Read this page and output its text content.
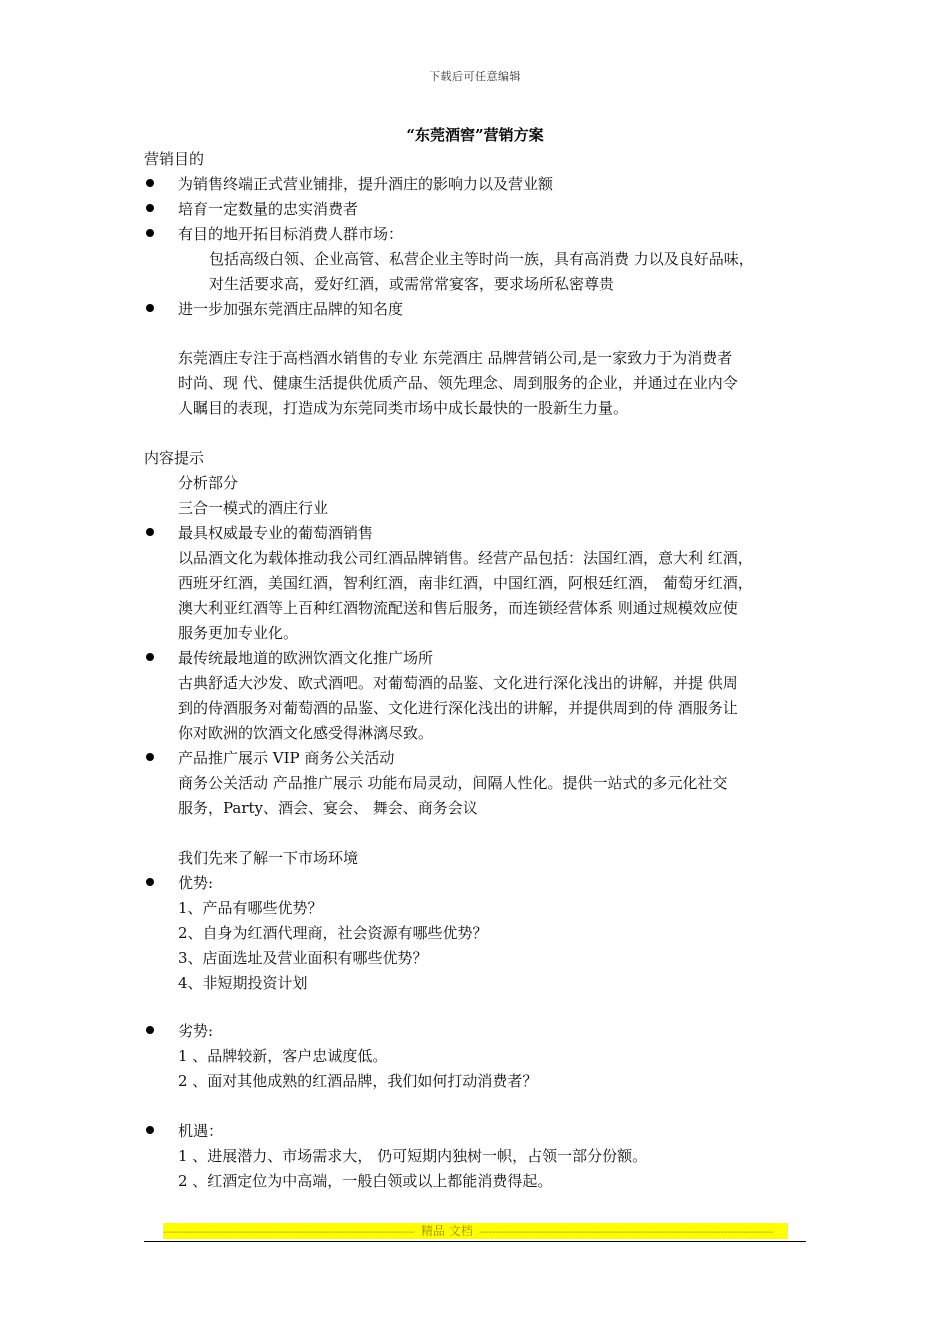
下载后可任意编辑
“东莞酒窖”营销方案
营销目的
为销售终端正式营业铺排，提升酒庄的影响力以及营业额
培育一定数量的忠实消费者
有目的地开拓目标消费人群市场：
包括高级白领、企业高管、私营企业主等时尚一族，具有高消费 力以及良好品味，
对生活要求高，爱好红酒，或需常常宴客，要求场所私密尊贵
进一步加强东莞酒庄品牌的知名度
东莞酒庄专注于高档酒水销售的专业 东莞酒庄 品牌营销公司,是一家致力于为消费者
时尚、现 代、健康生活提供优质产品、领先理念、周到服务的企业，并通过在业内令
人瞩目的表现，打造成为东莞同类市场中成长最快的一股新生力量。
内容提示
分析部分
三合一模式的酒庄行业
最具权威最专业的葡萄酒销售
以品酒文化为载体推动我公司红酒品牌销售。经营产品包括：法国红酒，意大利 红酒，
西班牙红酒，美国红酒，智利红酒，南非红酒，中国红酒，阿根廷红酒， 葡萄牙红酒，
澳大利亚红酒等上百种红酒物流配送和售后服务，而连锁经营体系 则通过规模效应使
服务更加专业化。
最传统最地道的欧洲饮酒文化推广场所
古典舒适大沙发、欧式酒吧。对葡萄酒的品鉴、文化进行深化浅出的讲解，并提 供周
到的侍酒服务对葡萄酒的品鉴、文化进行深化浅出的讲解，并提供周到的侍 酒服务让
你对欧洲的饮酒文化感受得淋漓尽致。
产品推广展示 VIP 商务公关活动
商务公关活动 产品推广展示 功能布局灵动，间隔人性化。提供一站式的多元化社交
服务，Party、酒会、宴会、 舞会、商务会议
我们先来了解一下市场环境
优势:
1、产品有哪些优势？
2、自身为红酒代理商，社会资源有哪些优势？
3、店面选址及营业面积有哪些优势？
4、非短期投资计划
劣势:
1 、品牌较新，客户忠诚度低。
2 、面对其他成熟的红酒品牌，我们如何打动消费者？
机遇：
1 、进展潜力、市场需求大， 仍可短期内独树一帜，占领一部分份额。
2 、红酒定位为中高端，一般白领或以上都能消费得起。
-----精品 文档-----
